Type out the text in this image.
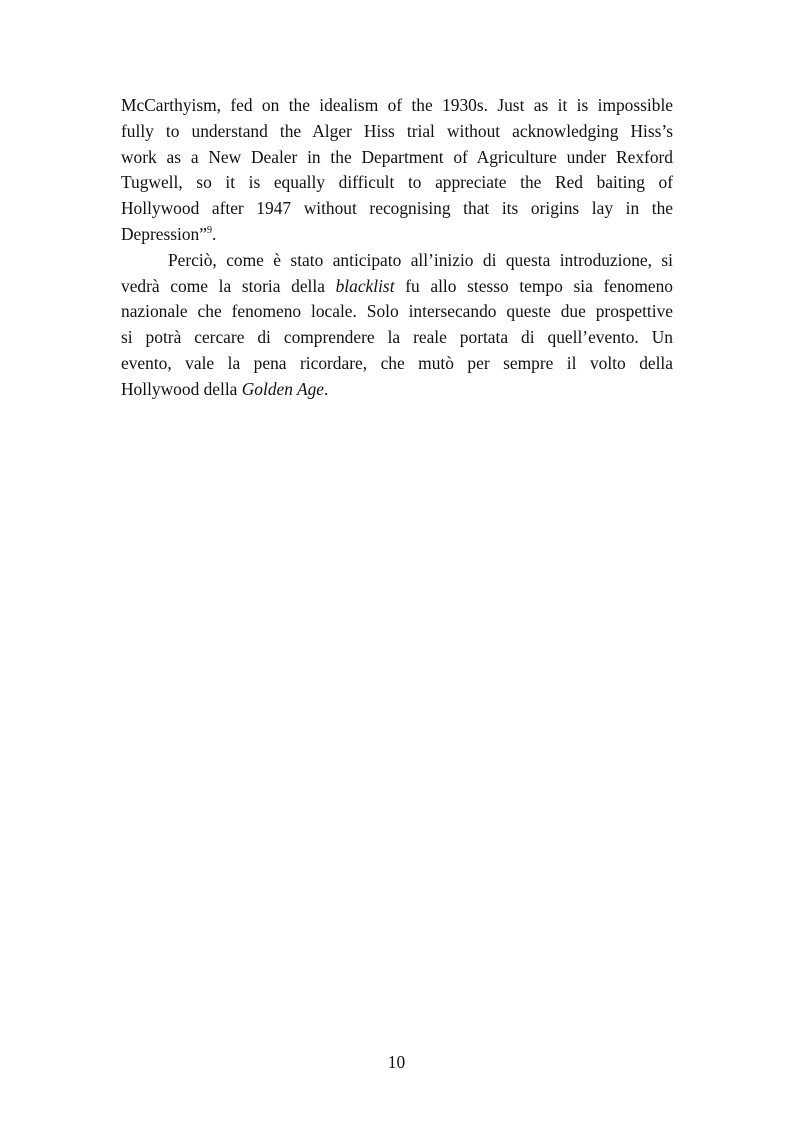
McCarthyism, fed on the idealism of the 1930s. Just as it is impossible
fully to understand the Alger Hiss trial without acknowledging Hiss’s
work as a New Dealer in the Department of Agriculture under Rexford
Tugwell, so it is equally difficult to appreciate the Red baiting of
Hollywood after 1947 without recognising that its origins lay in the
Depression”$^9$.
Perciò, come è stato anticipato all’inizio di questa introduzione, si
vedrà come la storia della blacklist fu allo stesso tempo sia fenomeno
nazionale che fenomeno locale. Solo intersecando queste due prospettive
si potrà cercare di comprendere la reale portata di quell’evento. Un
evento, vale la pena ricordare, che mutò per sempre il volto della
Hollywood della Golden Age.
10
